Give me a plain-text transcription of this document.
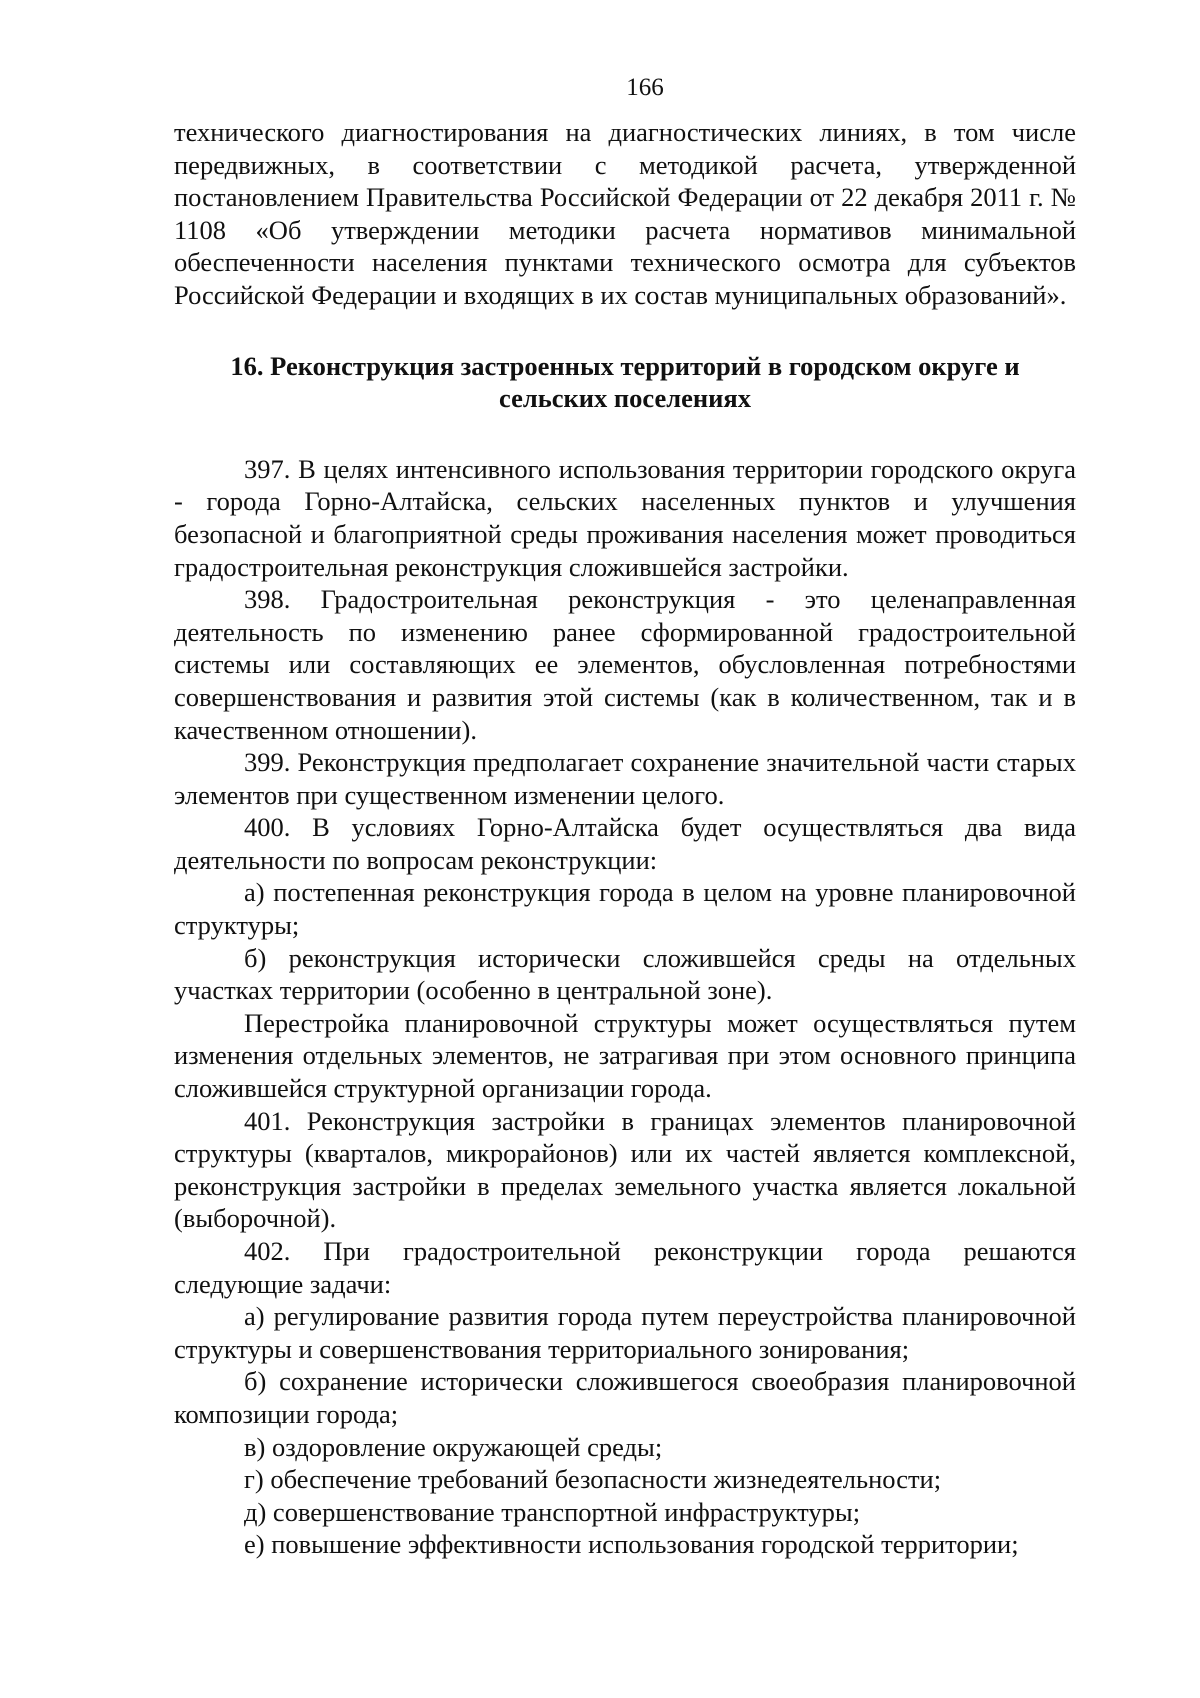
166

технического диагностирования на диагностических линиях, в том числе передвижных, в соответствии с методикой расчета, утвержденной постановлением Правительства Российской Федерации от 22 декабря 2011 г. № 1108 «Об утверждении методики расчета нормативов минимальной обеспеченности населения пунктами технического осмотра для субъектов Российской Федерации и входящих в их состав муниципальных образований».

16. Реконструкция застроенных территорий в городском округе и сельских поселениях

397. В целях интенсивного использования территории городского округа - города Горно-Алтайска, сельских населенных пунктов и улучшения безопасной и благоприятной среды проживания населения может проводиться градостроительная реконструкция сложившейся застройки.

398. Градостроительная реконструкция - это целенаправленная деятельность по изменению ранее сформированной градостроительной системы или составляющих ее элементов, обусловленная потребностями совершенствования и развития этой системы (как в количественном, так и в качественном отношении).

399. Реконструкция предполагает сохранение значительной части старых элементов при существенном изменении целого.

400. В условиях Горно-Алтайска будет осуществляться два вида деятельности по вопросам реконструкции:

а) постепенная реконструкция города в целом на уровне планировочной структуры;

б) реконструкция исторически сложившейся среды на отдельных участках территории (особенно в центральной зоне).

Перестройка планировочной структуры может осуществляться путем изменения отдельных элементов, не затрагивая при этом основного принципа сложившейся структурной организации города.

401. Реконструкция застройки в границах элементов планировочной структуры (кварталов, микрорайонов) или их частей является комплексной, реконструкция застройки в пределах земельного участка является локальной (выборочной).

402. При градостроительной реконструкции города решаются следующие задачи:

а) регулирование развития города путем переустройства планировочной структуры и совершенствования территориального зонирования;

б) сохранение исторически сложившегося своеобразия планировочной композиции города;

в) оздоровление окружающей среды;

г) обеспечение требований безопасности жизнедеятельности;

д) совершенствование транспортной инфраструктуры;

е) повышение эффективности использования городской территории;
